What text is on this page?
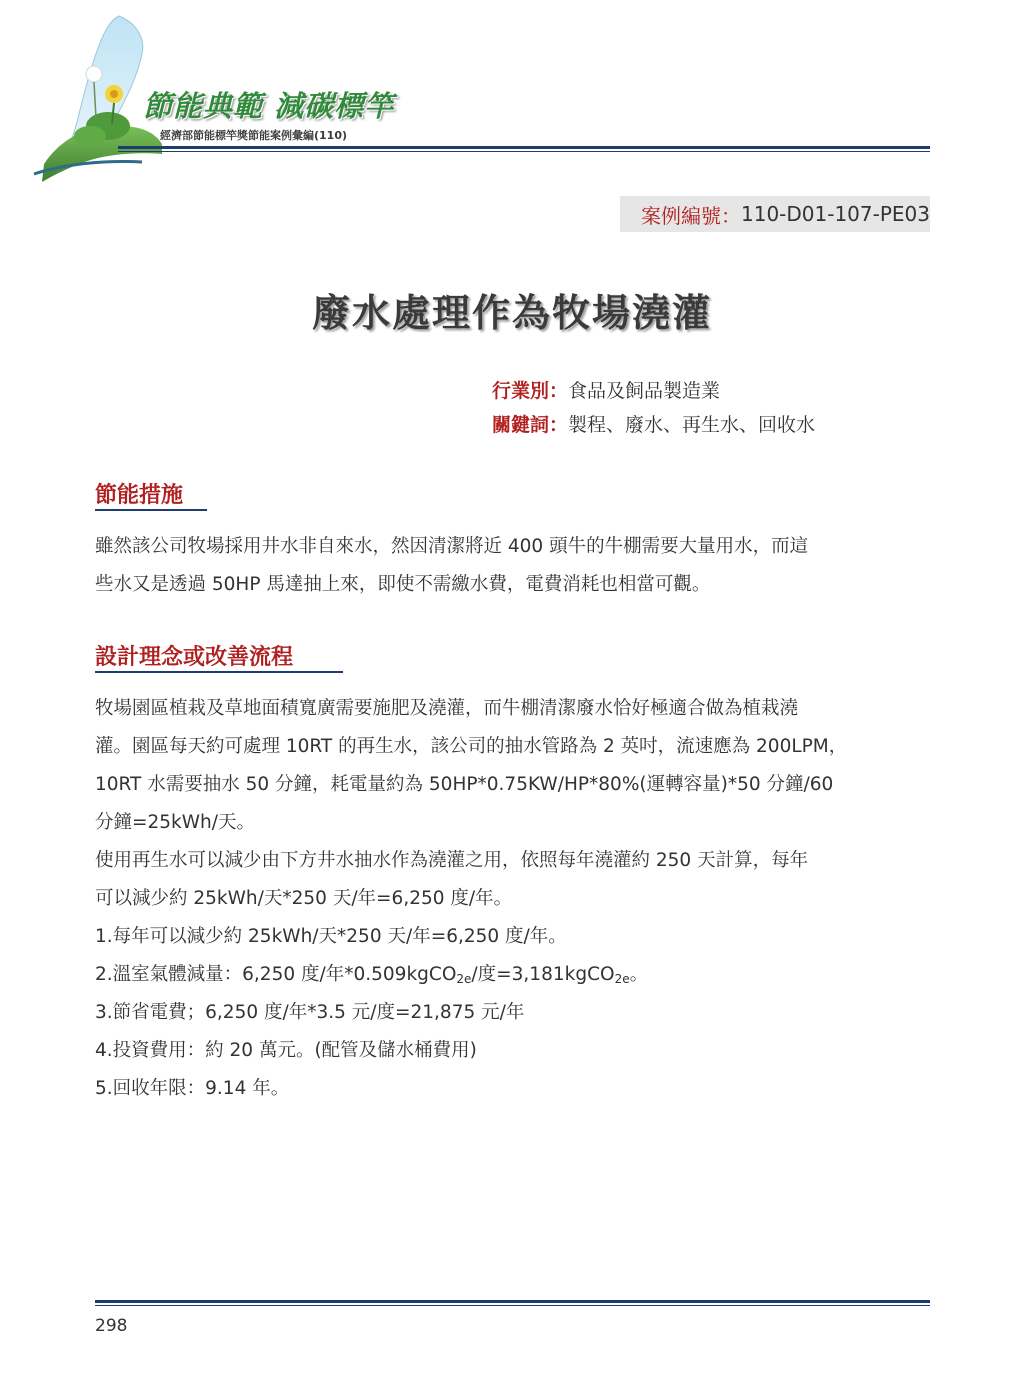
節能典範 減碳標竿
經濟部節能標竿獎節能案例彙編(110)
案例編號： 110-D01-107-PE03
廢水處理作為牧場澆灌
行業別：食品及飼品製造業
關鍵詞：製程、廢水、再生水、回收水
節能措施
雖然該公司牧場採用井水非自來水，然因清潔將近 400 頭牛的牛棚需要大量用水，而這
些水又是透過 50HP 馬達抽上來，即使不需繳水費，電費消耗也相當可觀。
設計理念或改善流程
牧場園區植栽及草地面積寬廣需要施肥及澆灌，而牛棚清潔廢水恰好極適合做為植栽澆
灌。園區每天約可處理 10RT 的再生水，該公司的抽水管路為 2 英吋，流速應為 200LPM，
10RT 水需要抽水 50 分鐘，耗電量約為 50HP*0.75KW/HP*80%(運轉容量)*50 分鐘/60
分鐘=25kWh/天。
使用再生水可以減少由下方井水抽水作為澆灌之用，依照每年澆灌約 250 天計算，每年
可以減少約 25kWh/天*250 天/年=6,250 度/年。
1.每年可以減少約 25kWh/天*250 天/年=6,250 度/年。
2.溫室氣體減量：6,250 度/年*0.509kgCO$_{2e}$/度=3,181kgCO$_{2e}$。
3.節省電費；6,250 度/年*3.5 元/度=21,875 元/年
4.投資費用：約 20 萬元。(配管及儲水桶費用)
5.回收年限：9.14 年。
298
